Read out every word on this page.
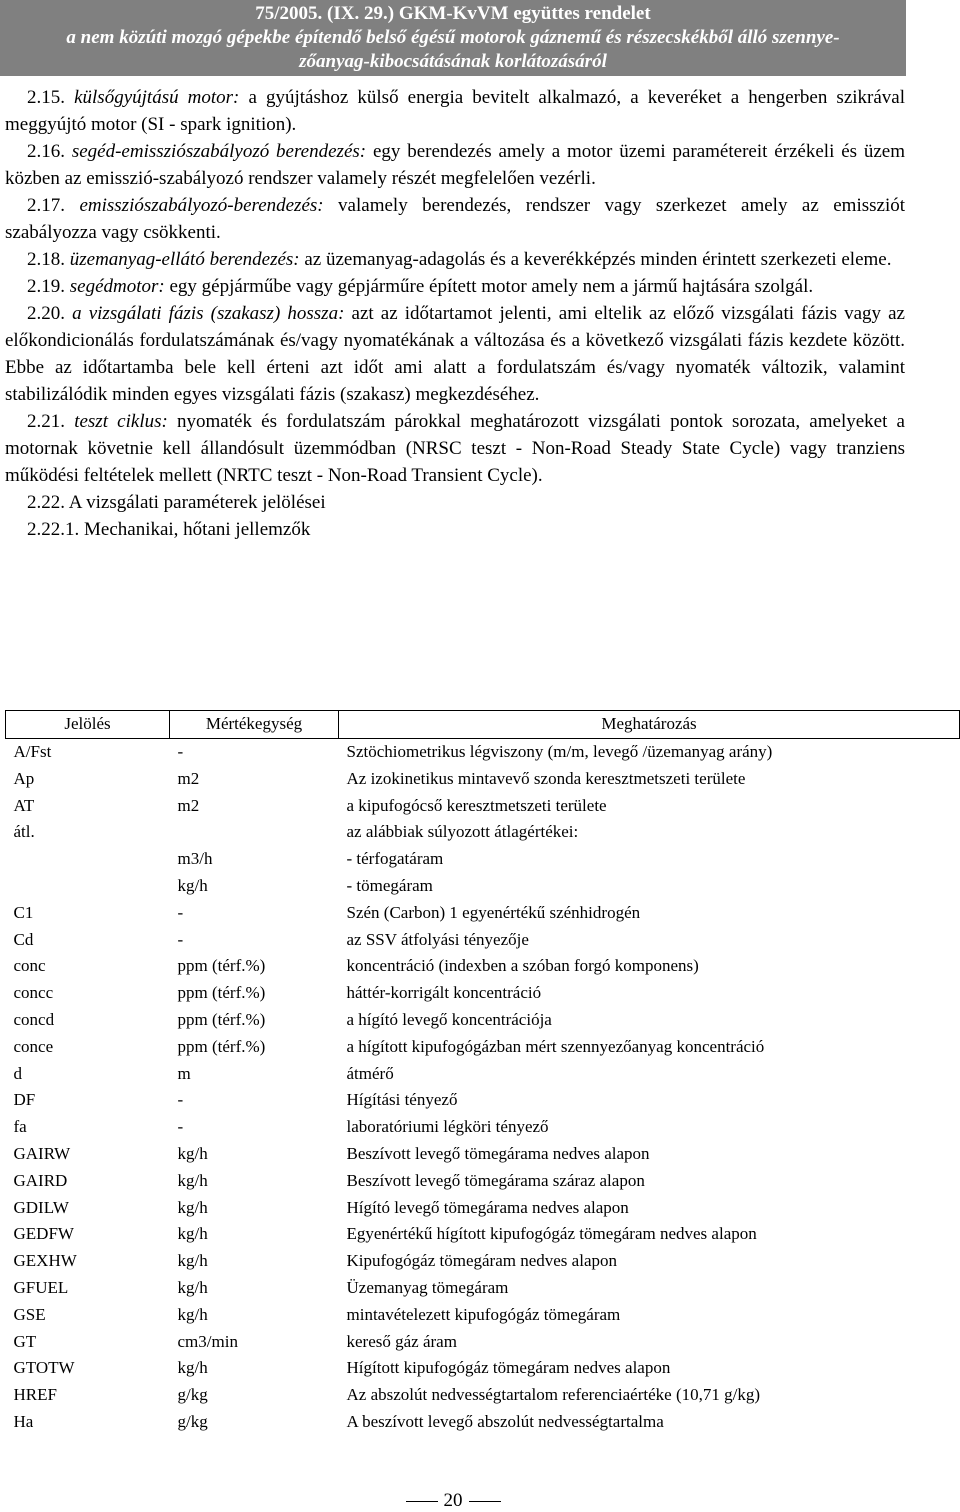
75/2005. (IX. 29.) GKM-KvVM együttes rendelet
a nem közúti mozgó gépekbe építendő belső égésű motorok gáznemű és részecskékből álló szennye-
zőanyag-kibocsátásának korlátozásáról

2.15. külsőgyújtású motor: a gyújtáshoz külső energia bevitelt alkalmazó, a keveréket a hengerben szikrával meggyújtó motor (SI - spark ignition).

2.16. segéd-emissziószabályozó berendezés: egy berendezés amely a motor üzemi paramétereit érzékeli és üzem közben az emisszió-szabályozó rendszer valamely részét megfelelően vezérli.

2.17. emissziószabályozó-berendezés: valamely berendezés, rendszer vagy szerkezet amely az emissziót szabályozza vagy csökkenti.

2.18. üzemanyag-ellátó berendezés: az üzemanyag-adagolás és a keverékképzés minden érintett szerkezeti eleme.

2.19. segédmotor: egy gépjárműbe vagy gépjárműre épített motor amely nem a jármű hajtására szolgál.

2.20. a vizsgálati fázis (szakasz) hossza: azt az időtartamot jelenti, ami eltelik az előző vizsgálati fázis vagy az előkondicionálás fordulatszámának és/vagy nyomatékának a változása és a következő vizsgálati fázis kezdete között. Ebbe az időtartamba bele kell érteni azt időt ami alatt a fordulatszám és/vagy nyomaték változik, valamint stabilizálódik minden egyes vizsgálati fázis (szakasz) megkezdéséhez.

2.21. teszt ciklus: nyomaték és fordulatszám párokkal meghatározott vizsgálati pontok sorozata, amelyeket a motornak követnie kell állandósult üzemmódban (NRSC teszt - Non-Road Steady State Cycle) vagy tranziens működési feltételek mellett (NRTC teszt - Non-Road Transient Cycle).

2.22. A vizsgálati paraméterek jelölései

2.22.1. Mechanikai, hőtani jellemzők

Jelölés	Mértékegység	Meghatározás
A/Fst	-	Sztöchiometrikus légviszony (m/m, levegő /üzemanyag arány)
Ap	m2	Az izokinetikus mintavevő szonda keresztmetszeti területe
AT	m2	a kipufogócső keresztmetszeti területe
átl.		az alábbiak súlyozott átlagértékei:
	m3/h	- térfogatáram
	kg/h	- tömegáram
C1	-	Szén (Carbon) 1 egyenértékű szénhidrogén
Cd	-	az SSV átfolyási tényezője
conc	ppm (térf.%)	koncentráció (indexben a szóban forgó komponens)
concc	ppm (térf.%)	háttér-korrigált koncentráció
concd	ppm (térf.%)	a hígító levegő koncentrációja
conce	ppm (térf.%)	a hígított kipufogógázban mért szennyezőanyag koncentráció
d	m	átmérő
DF	-	Hígítási tényező
fa	-	laboratóriumi légköri tényező
GAIRW	kg/h	Beszívott levegő tömegárama nedves alapon
GAIRD	kg/h	Beszívott levegő tömegárama száraz alapon
GDILW	kg/h	Hígító levegő tömegárama nedves alapon
GEDFW	kg/h	Egyenértékű hígított kipufogógáz tömegáram nedves alapon
GEXHW	kg/h	Kipufogógáz tömegáram nedves alapon
GFUEL	kg/h	Üzemanyag tömegáram
GSE	kg/h	mintavételezett kipufogógáz tömegáram
GT	cm3/min	kereső gáz áram
GTOTW	kg/h	Hígított kipufogógáz tömegáram nedves alapon
HREF	g/kg	Az abszolút nedvességtartalom referenciaértéke (10,71 g/kg)
Ha	g/kg	A beszívott levegő abszolút nedvességtartalma
20
